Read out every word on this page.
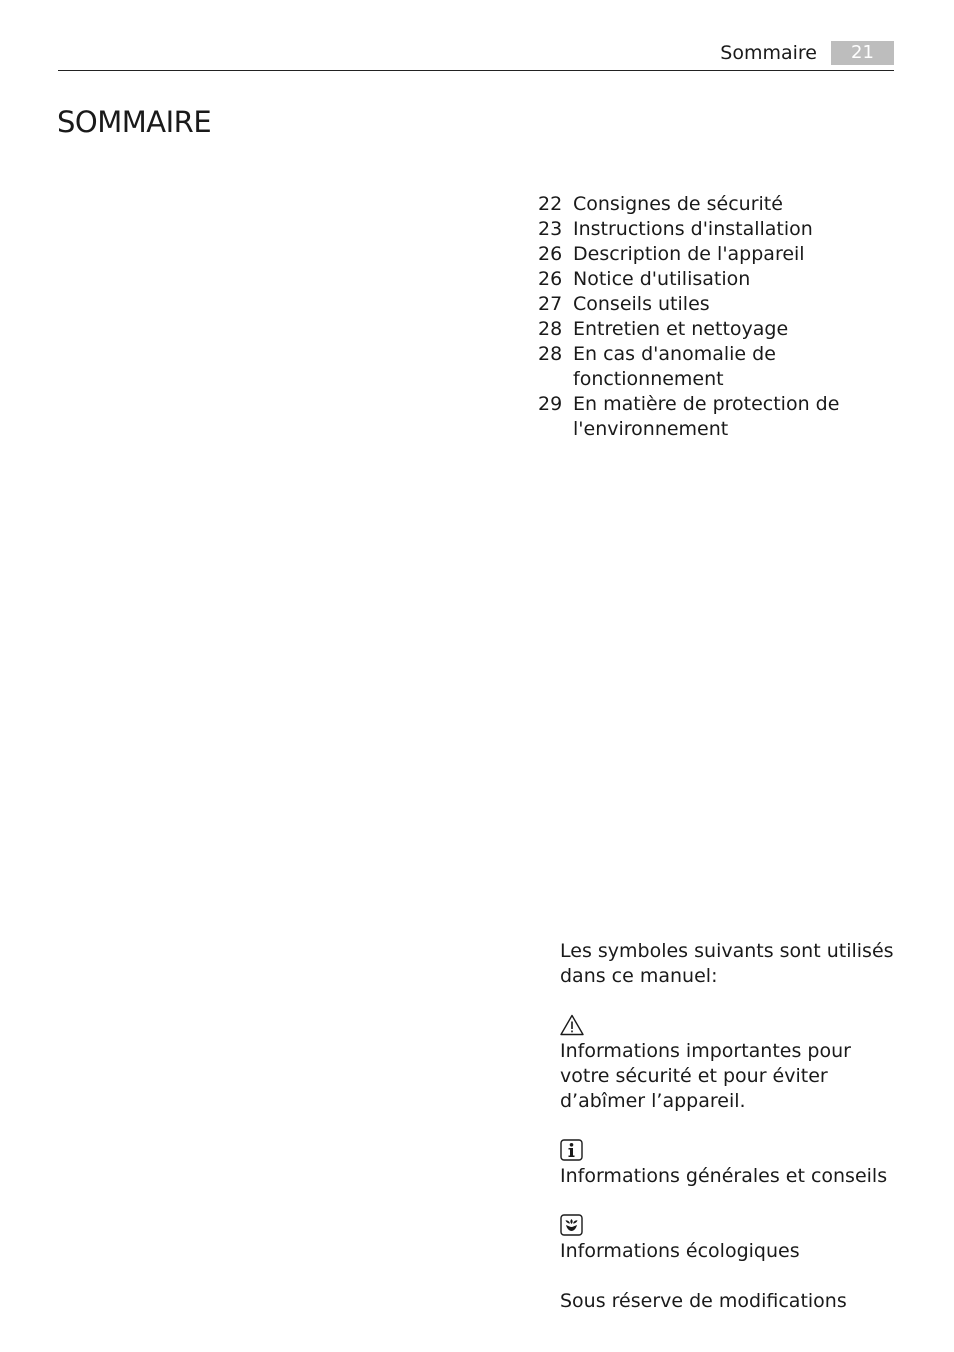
Sommaire	21
SOMMAIRE
22 Consignes de sécurité
23 Instructions d'installation
26 Description de l'appareil
26 Notice d'utilisation
27 Conseils utiles
28 Entretien et nettoyage
28 En cas d'anomalie de fonctionnement
29 En matière de protection de l'environnement

Les symboles suivants sont utilisés dans ce manuel:

Informations importantes pour votre sécurité et pour éviter d’abîmer l’appareil.

Informations générales et conseils

Informations écologiques

Sous réserve de modifications
